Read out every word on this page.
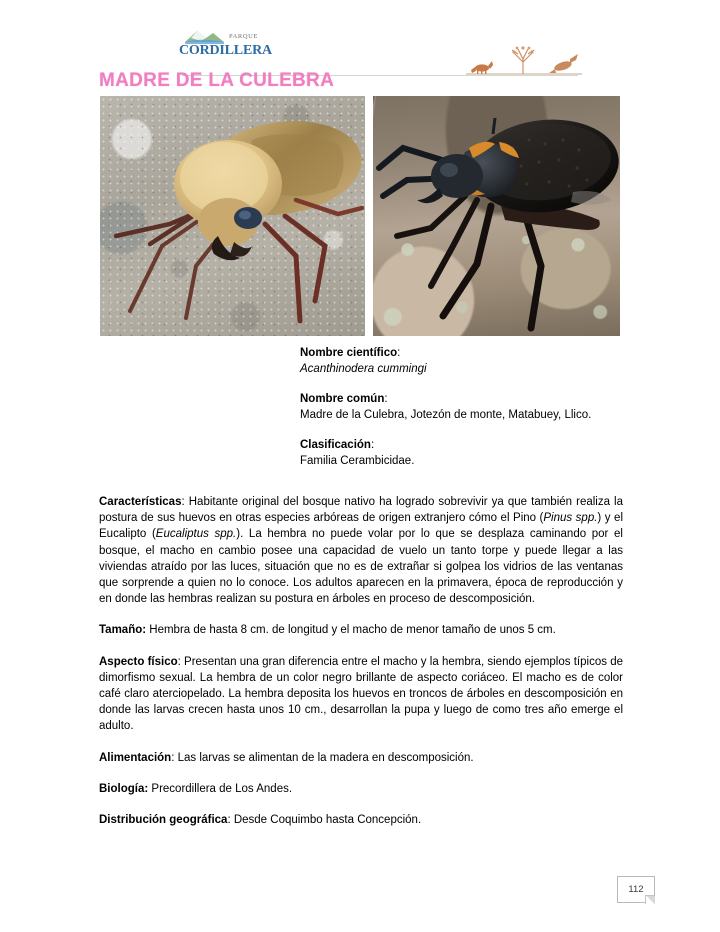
PARQUE
CORDILLERA
MADRE DE LA CULEBRA
Nombre científico:
Acanthinodera cummingi
Nombre común:
Madre de la Culebra, Jotezón de monte, Matabuey, Llico.
Clasificación:
Familia Cerambicidae.

Características: Habitante original del bosque nativo ha logrado sobrevivir ya que también realiza la postura de sus huevos en otras especies arbóreas de origen extranjero cómo el Pino (Pinus spp.) y el Eucalipto (Eucaliptus spp.). La hembra no puede volar por lo que se desplaza caminando por el bosque, el macho en cambio posee una capacidad de vuelo un tanto torpe y puede llegar a las viviendas atraído por las luces, situación que no es de extrañar si golpea los vidrios de las ventanas que sorprende a quien no lo conoce. Los adultos aparecen en la primavera, época de reproducción y en donde las hembras realizan su postura en árboles en proceso de descomposición.

Tamaño: Hembra de hasta 8 cm. de longitud y el macho de menor tamaño de unos 5 cm.

Aspecto físico: Presentan una gran diferencia entre el macho y la hembra, siendo ejemplos típicos de dimorfismo sexual. La hembra de un color negro brillante de aspecto coriáceo. El macho es de color café claro aterciopelado. La hembra deposita los huevos en troncos de árboles en descomposición en donde las larvas crecen hasta unos 10 cm., desarrollan la pupa y luego de como tres año emerge el adulto.

Alimentación: Las larvas se alimentan de la madera en descomposición.

Biología: Precordillera de Los Andes.

Distribución geográfica: Desde Coquimbo hasta Concepción.

112
